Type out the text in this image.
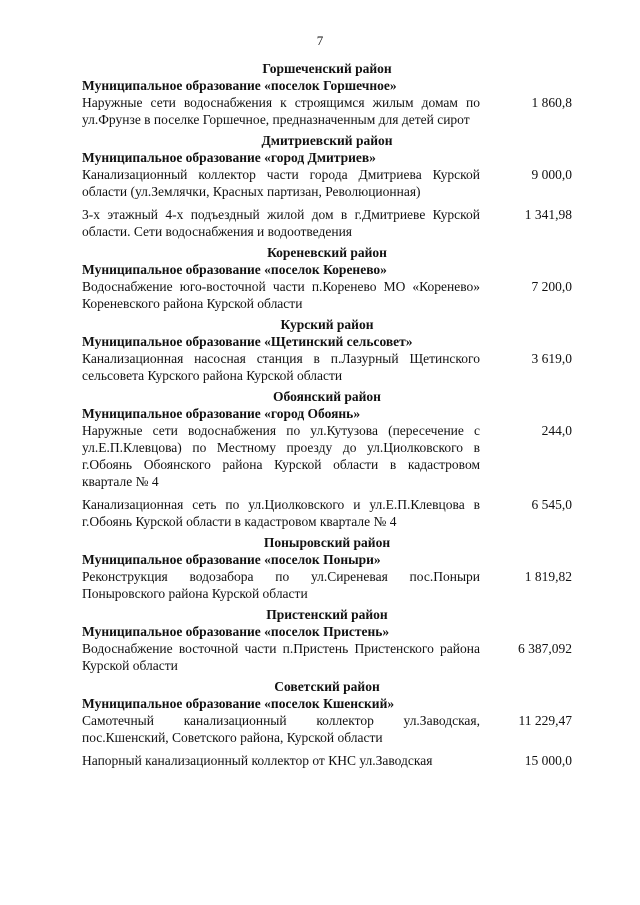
7
Горшеченский район
Муниципальное образование «поселок Горшечное»
Наружные сети водоснабжения к строящимся жилым домам по ул.Фрунзе в поселке Горшечное, предназначенным для детей сирот
1 860,8
Дмитриевский район
Муниципальное образование «город Дмитриев»
Канализационный коллектор части города Дмитриева Курской области (ул.Землячки, Красных партизан, Революционная)
9 000,0
3-х этажный 4-х подъездный жилой дом в г.Дмитриеве Курской области. Сети водоснабжения и водоотведения
1 341,98
Кореневский район
Муниципальное образование «поселок Коренево»
Водоснабжение юго-восточной части п.Коренево МО «Коренево» Кореневского района Курской области
7 200,0
Курский район
Муниципальное образование «Щетинский сельсовет»
Канализационная насосная станция в п.Лазурный Щетинского сельсовета Курского района Курской области
3 619,0
Обоянский район
Муниципальное образование «город Обоянь»
Наружные сети водоснабжения по ул.Кутузова (пересечение с ул.Е.П.Клевцова) по Местному проезду до ул.Циолковского в г.Обоянь Обоянского района Курской области в кадастровом квартале № 4
244,0
Канализационная сеть по ул.Циолковского и ул.Е.П.Клевцова в г.Обоянь Курской области в кадастровом квартале № 4
6 545,0
Поныровский район
Муниципальное образование «поселок Поныри»
Реконструкция водозабора по ул.Сиреневая пос.Поныри Поныровского района Курской области
1 819,82
Пристенский район
Муниципальное образование «поселок Пристень»
Водоснабжение восточной части п.Пристень Пристенского района Курской области
6 387,092
Советский район
Муниципальное образование «поселок Кшенский»
Самотечный канализационный коллектор ул.Заводская, пос.Кшенский, Советского района, Курской области
11 229,47
Напорный канализационный коллектор от КНС ул.Заводская	15 000,0
